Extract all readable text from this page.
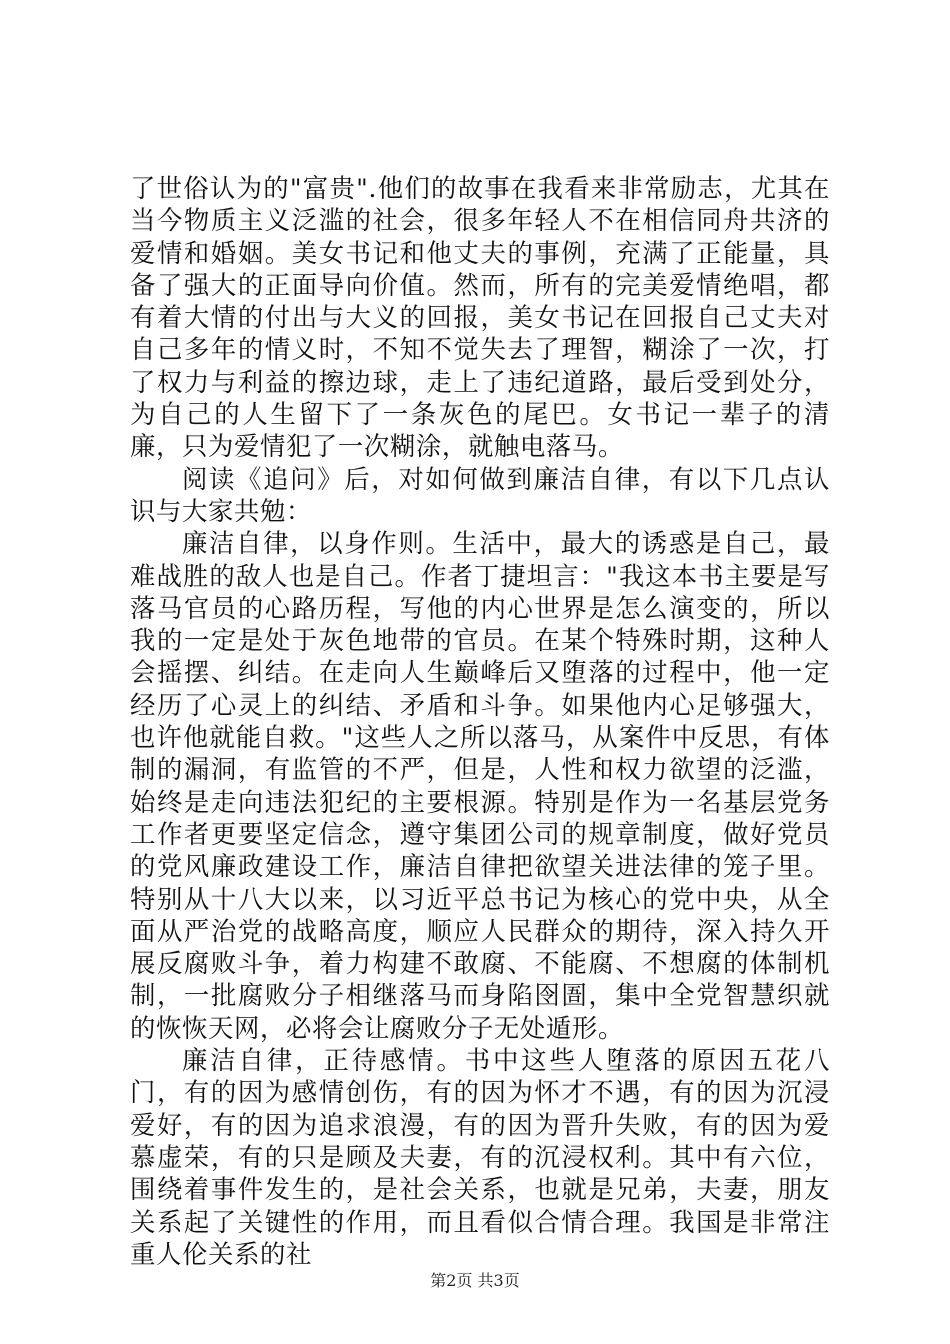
了世俗认为的"富贵".他们的故事在我看来非常励志，尤其在当今物质主义泛滥的社会，很多年轻人不在相信同舟共济的爱情和婚姻。美女书记和他丈夫的事例，充满了正能量，具备了强大的正面导向价值。然而，所有的完美爱情绝唱，都有着大情的付出与大义的回报，美女书记在回报自己丈夫对自己多年的情义时，不知不觉失去了理智，糊涂了一次，打了权力与利益的擦边球，走上了违纪道路，最后受到处分，为自己的人生留下了一条灰色的尾巴。女书记一辈子的清廉，只为爱情犯了一次糊涂，就触电落马。

阅读《追问》后，对如何做到廉洁自律，有以下几点认识与大家共勉：

廉洁自律，以身作则。生活中，最大的诱惑是自己，最难战胜的敌人也是自己。作者丁捷坦言："我这本书主要是写落马官员的心路历程，写他的内心世界是怎么演变的，所以我的一定是处于灰色地带的官员。在某个特殊时期，这种人会摇摆、纠结。在走向人生巅峰后又堕落的过程中，他一定经历了心灵上的纠结、矛盾和斗争。如果他内心足够强大，也许他就能自救。"这些人之所以落马，从案件中反思，有体制的漏洞，有监管的不严，但是，人性和权力欲望的泛滥，始终是走向违法犯纪的主要根源。特别是作为一名基层党务工作者更要坚定信念，遵守集团公司的规章制度，做好党员的党风廉政建设工作，廉洁自律把欲望关进法律的笼子里。特别从十八大以来，以习近平总书记为核心的党中央，从全面从严治党的战略高度，顺应人民群众的期待，深入持久开展反腐败斗争，着力构建不敢腐、不能腐、不想腐的体制机制，一批腐败分子相继落马而身陷囹圄，集中全党智慧织就的恢恢天网，必将会让腐败分子无处遁形。

廉洁自律，正待感情。书中这些人堕落的原因五花八门，有的因为感情创伤，有的因为怀才不遇，有的因为沉浸爱好，有的因为追求浪漫，有的因为晋升失败，有的因为爱慕虚荣，有的只是顾及夫妻，有的沉浸权利。其中有六位，围绕着事件发生的，是社会关系，也就是兄弟，夫妻，朋友关系起了关键性的作用，而且看似合情合理。我国是非常注重人伦关系的社

第2页 共3页
